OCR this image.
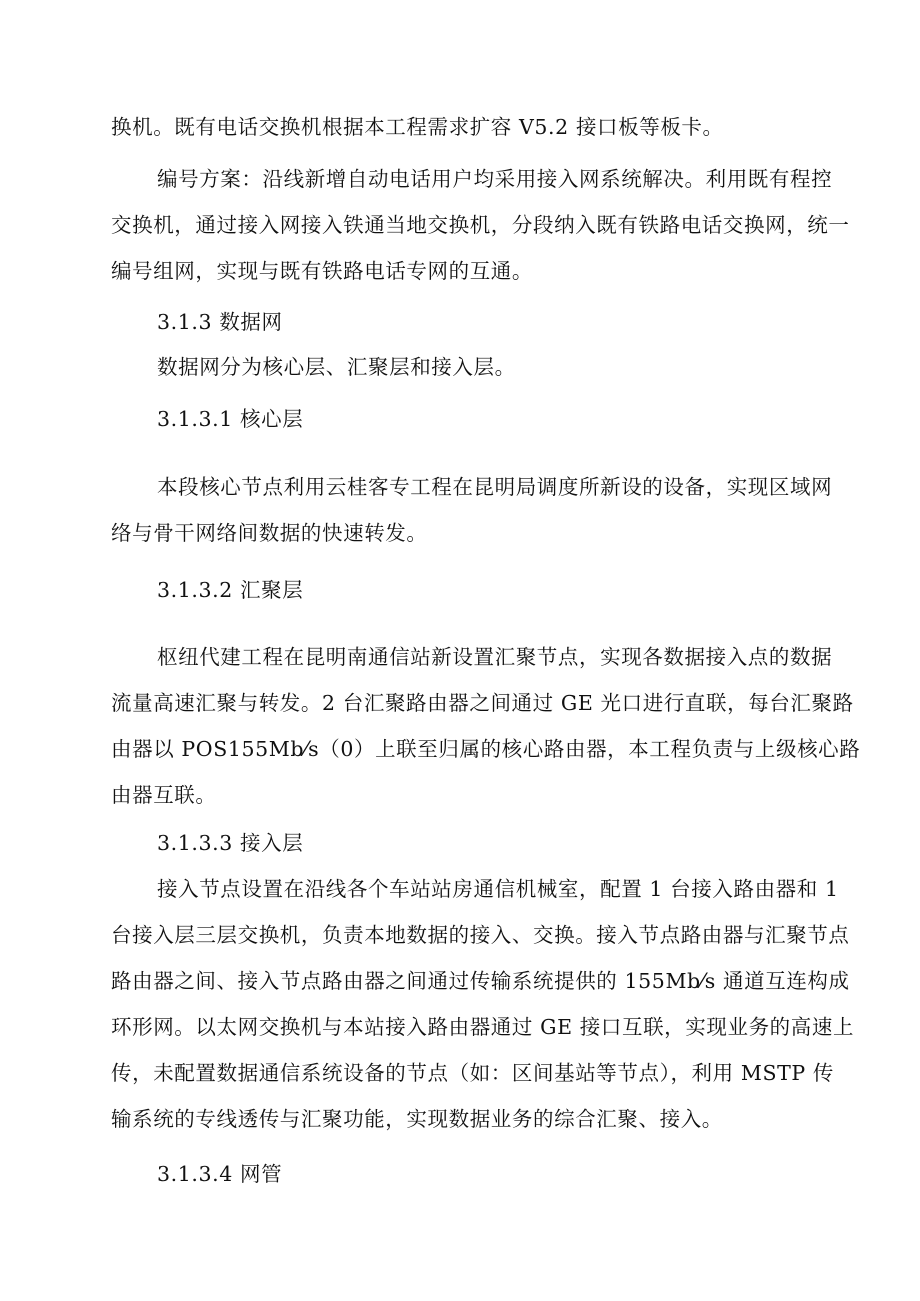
换机。既有电话交换机根据本工程需求扩容 V5.2 接口板等板卡。
编号方案：沿线新增自动电话用户均采用接入网系统解决。利用既有程控
交换机，通过接入网接入铁通当地交换机，分段纳入既有铁路电话交换网，统一
编号组网，实现与既有铁路电话专网的互通。
3.1.3 数据网
数据网分为核心层、汇聚层和接入层。
3.1.3.1 核心层
本段核心节点利用云桂客专工程在昆明局调度所新设的设备，实现区域网
络与骨干网络间数据的快速转发。
3.1.3.2 汇聚层
枢纽代建工程在昆明南通信站新设置汇聚节点，实现各数据接入点的数据
流量高速汇聚与转发。2 台汇聚路由器之间通过 GE 光口进行直联，每台汇聚路
由器以 POS155Mb⁄s（0）上联至归属的核心路由器，本工程负责与上级核心路
由器互联。
3.1.3.3 接入层
接入节点设置在沿线各个车站站房通信机械室，配置 1 台接入路由器和 1
台接入层三层交换机，负责本地数据的接入、交换。接入节点路由器与汇聚节点
路由器之间、接入节点路由器之间通过传输系统提供的 155Mb⁄s 通道互连构成
环形网。以太网交换机与本站接入路由器通过 GE 接口互联，实现业务的高速上
传，未配置数据通信系统设备的节点（如：区间基站等节点），利用 MSTP 传
输系统的专线透传与汇聚功能，实现数据业务的综合汇聚、接入。
3.1.3.4 网管
